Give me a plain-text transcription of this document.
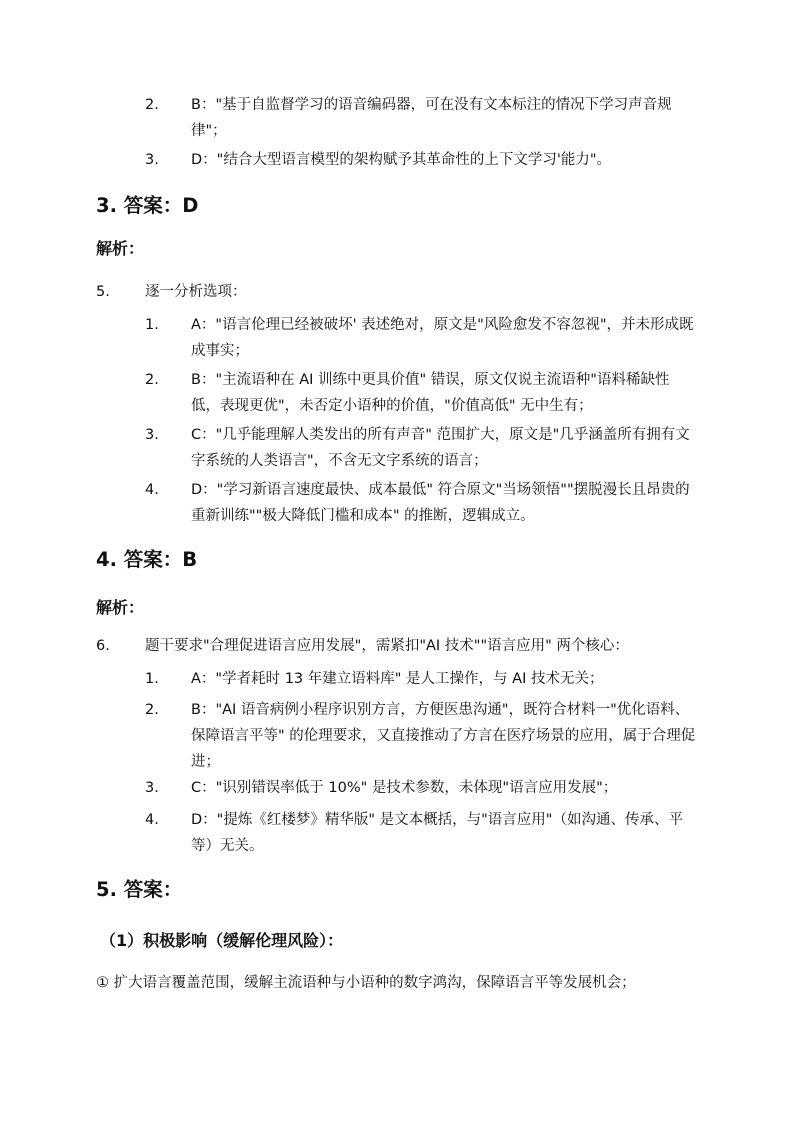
2. B："基于自监督学习的语音编码器，可在没有文本标注的情况下学习声音规律"；
3. D："结合大型语言模型的架构赋予其革命性的上下文学习'能力"。
3. 答案：D
解析：
5. 逐一分析选项：
1. A："语言伦理已经被破坏' 表述绝对，原文是"风险愈发不容忽视"，并未形成既成事实；
2. B："主流语种在 AI 训练中更具价值" 错误，原文仅说主流语种"语料稀缺性低，表现更优"，未否定小语种的价值，"价值高低" 无中生有；
3. C："几乎能理解人类发出的所有声音" 范围扩大，原文是"几乎涵盖所有拥有文字系统的人类语言"，不含无文字系统的语言；
4. D："学习新语言速度最快、成本最低" 符合原文"当场领悟""摆脱漫长且昂贵的重新训练""极大降低门槛和成本" 的推断，逻辑成立。
4. 答案：B
解析：
6. 题干要求"合理促进语言应用发展"，需紧扣"AI 技术""语言应用" 两个核心：
1. A："学者耗时 13 年建立语料库" 是人工操作，与 AI 技术无关；
2. B："AI 语音病例小程序识别方言，方便医患沟通"，既符合材料一"优化语料、保障语言平等" 的伦理要求，又直接推动了方言在医疗场景的应用，属于合理促进；
3. C："识别错误率低于 10%" 是技术参数，未体现"语言应用发展"；
4. D："提炼《红楼梦》精华版" 是文本概括，与"语言应用"（如沟通、传承、平等）无关。
5. 答案：
（1）积极影响（缓解伦理风险）：
① 扩大语言覆盖范围，缓解主流语种与小语种的数字鸿沟，保障语言平等发展机会；
